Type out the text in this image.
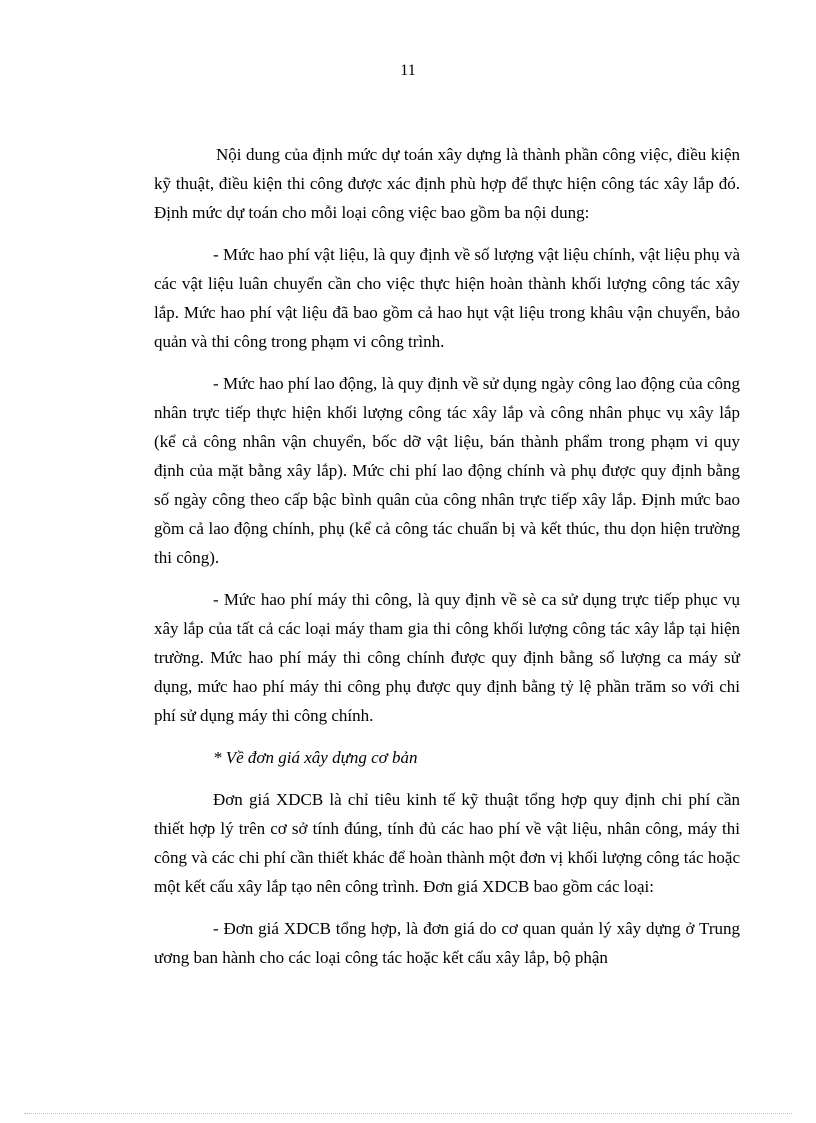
11

Nội dung của định mức dự toán xây dựng là thành phần công việc, điều kiện kỹ thuật, điều kiện thi công được xác định phù hợp để thực hiện công tác xây lắp đó. Định mức dự toán cho mỗi loại công việc bao gồm ba nội dung:

- Mức hao phí vật liệu, là quy định về số lượng vật liệu chính, vật liệu phụ và các vật liệu luân chuyển cần cho việc thực hiện hoàn thành khối lượng công tác xây lắp. Mức hao phí vật liệu đã bao gồm cả hao hụt vật liệu trong khâu vận chuyển, bảo quản và thi công trong phạm vi công trình.

- Mức hao phí lao động, là quy định về sử dụng ngày công lao động của công nhân trực tiếp thực hiện khối lượng công tác xây lắp và công nhân phục vụ xây lắp (kể cả công nhân vận chuyển, bốc dỡ vật liệu, bán thành phẩm trong phạm vi quy định của mặt bằng xây lắp). Mức chi phí lao động chính và phụ được quy định bằng số ngày công theo cấp bậc bình quân của công nhân trực tiếp xây lắp. Định mức bao gồm cả lao động chính, phụ (kể cả công tác chuẩn bị và kết thúc, thu dọn hiện trường thi công).

- Mức hao phí máy thi công, là quy định về sè ca sử dụng trực tiếp phục vụ xây lắp của tất cả các loại máy tham gia thi công khối lượng công tác xây lắp tại hiện trường. Mức hao phí máy thi công chính được quy định bằng số lượng ca máy sử dụng, mức hao phí máy thi công phụ được quy định bằng tỷ lệ phần trăm so với chi phí sử dụng máy thi công chính.

* Về đơn giá xây dựng cơ bản

Đơn giá XDCB là chỉ tiêu kinh tế kỹ thuật tổng hợp quy định chi phí cần thiết hợp lý trên cơ sở tính đúng, tính đủ các hao phí về vật liệu, nhân công, máy thi công và các chi phí cần thiết khác để hoàn thành một đơn vị khối lượng công tác hoặc một kết cấu xây lắp tạo nên công trình. Đơn giá XDCB bao gồm các loại:

- Đơn giá XDCB tổng hợp, là đơn giá do cơ quan quản lý xây dựng ở Trung ương ban hành cho các loại công tác hoặc kết cấu xây lắp, bộ phận
